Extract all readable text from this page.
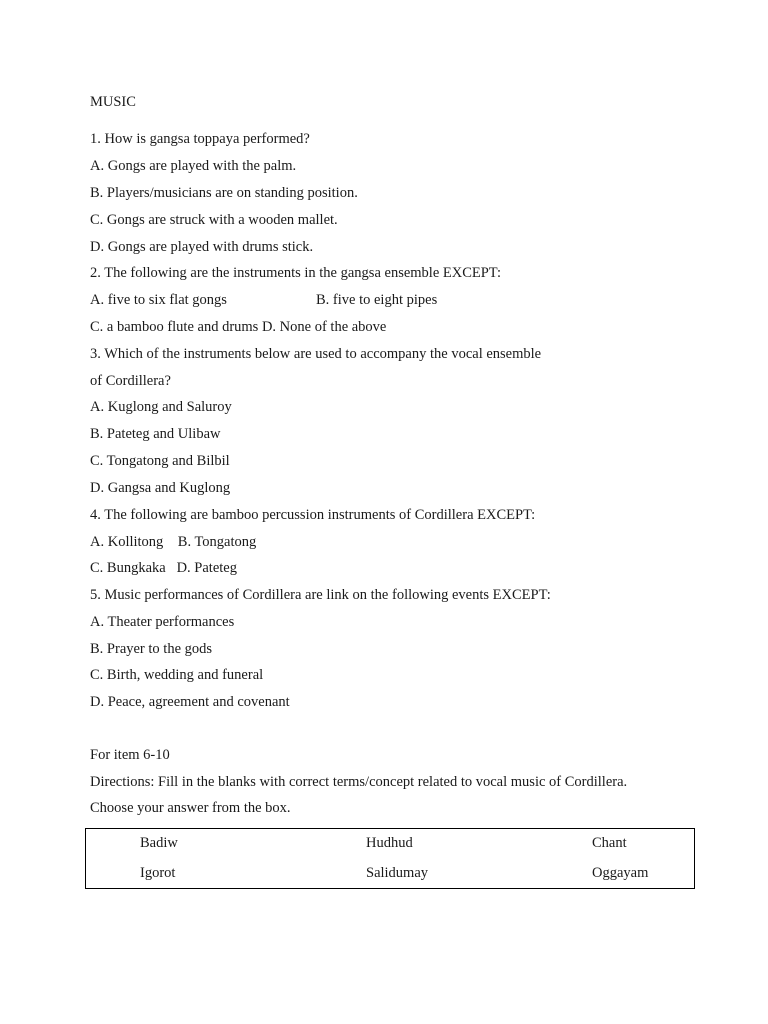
MUSIC
1. How is gangsa toppaya performed?
A. Gongs are played with the palm.
B. Players/musicians are on standing position.
C. Gongs are struck with a wooden mallet.
D. Gongs are played with drums stick.
2. The following are the instruments in the gangsa ensemble EXCEPT:
A. five to six flat gongs	B. five to eight pipes
C. a bamboo flute and drums D. None of the above
3. Which of the instruments below are used to accompany the vocal ensemble
of Cordillera?
A. Kuglong and Saluroy
B. Pateteg and Ulibaw
C. Tongatong and Bilbil
D. Gangsa and Kuglong
4. The following are bamboo percussion instruments of Cordillera EXCEPT:
A. Kollitong    B. Tongatong
C. Bungkaka   D. Pateteg
5. Music performances of Cordillera are link on the following events EXCEPT:
A. Theater performances
B. Prayer to the gods
C. Birth, wedding and funeral
D. Peace, agreement and covenant
For item 6-10
Directions: Fill in the blanks with correct terms/concept related to vocal music of Cordillera.
Choose your answer from the box.
Badiw	Hudhud	Chant
Igorot	Salidumay	Oggayam
